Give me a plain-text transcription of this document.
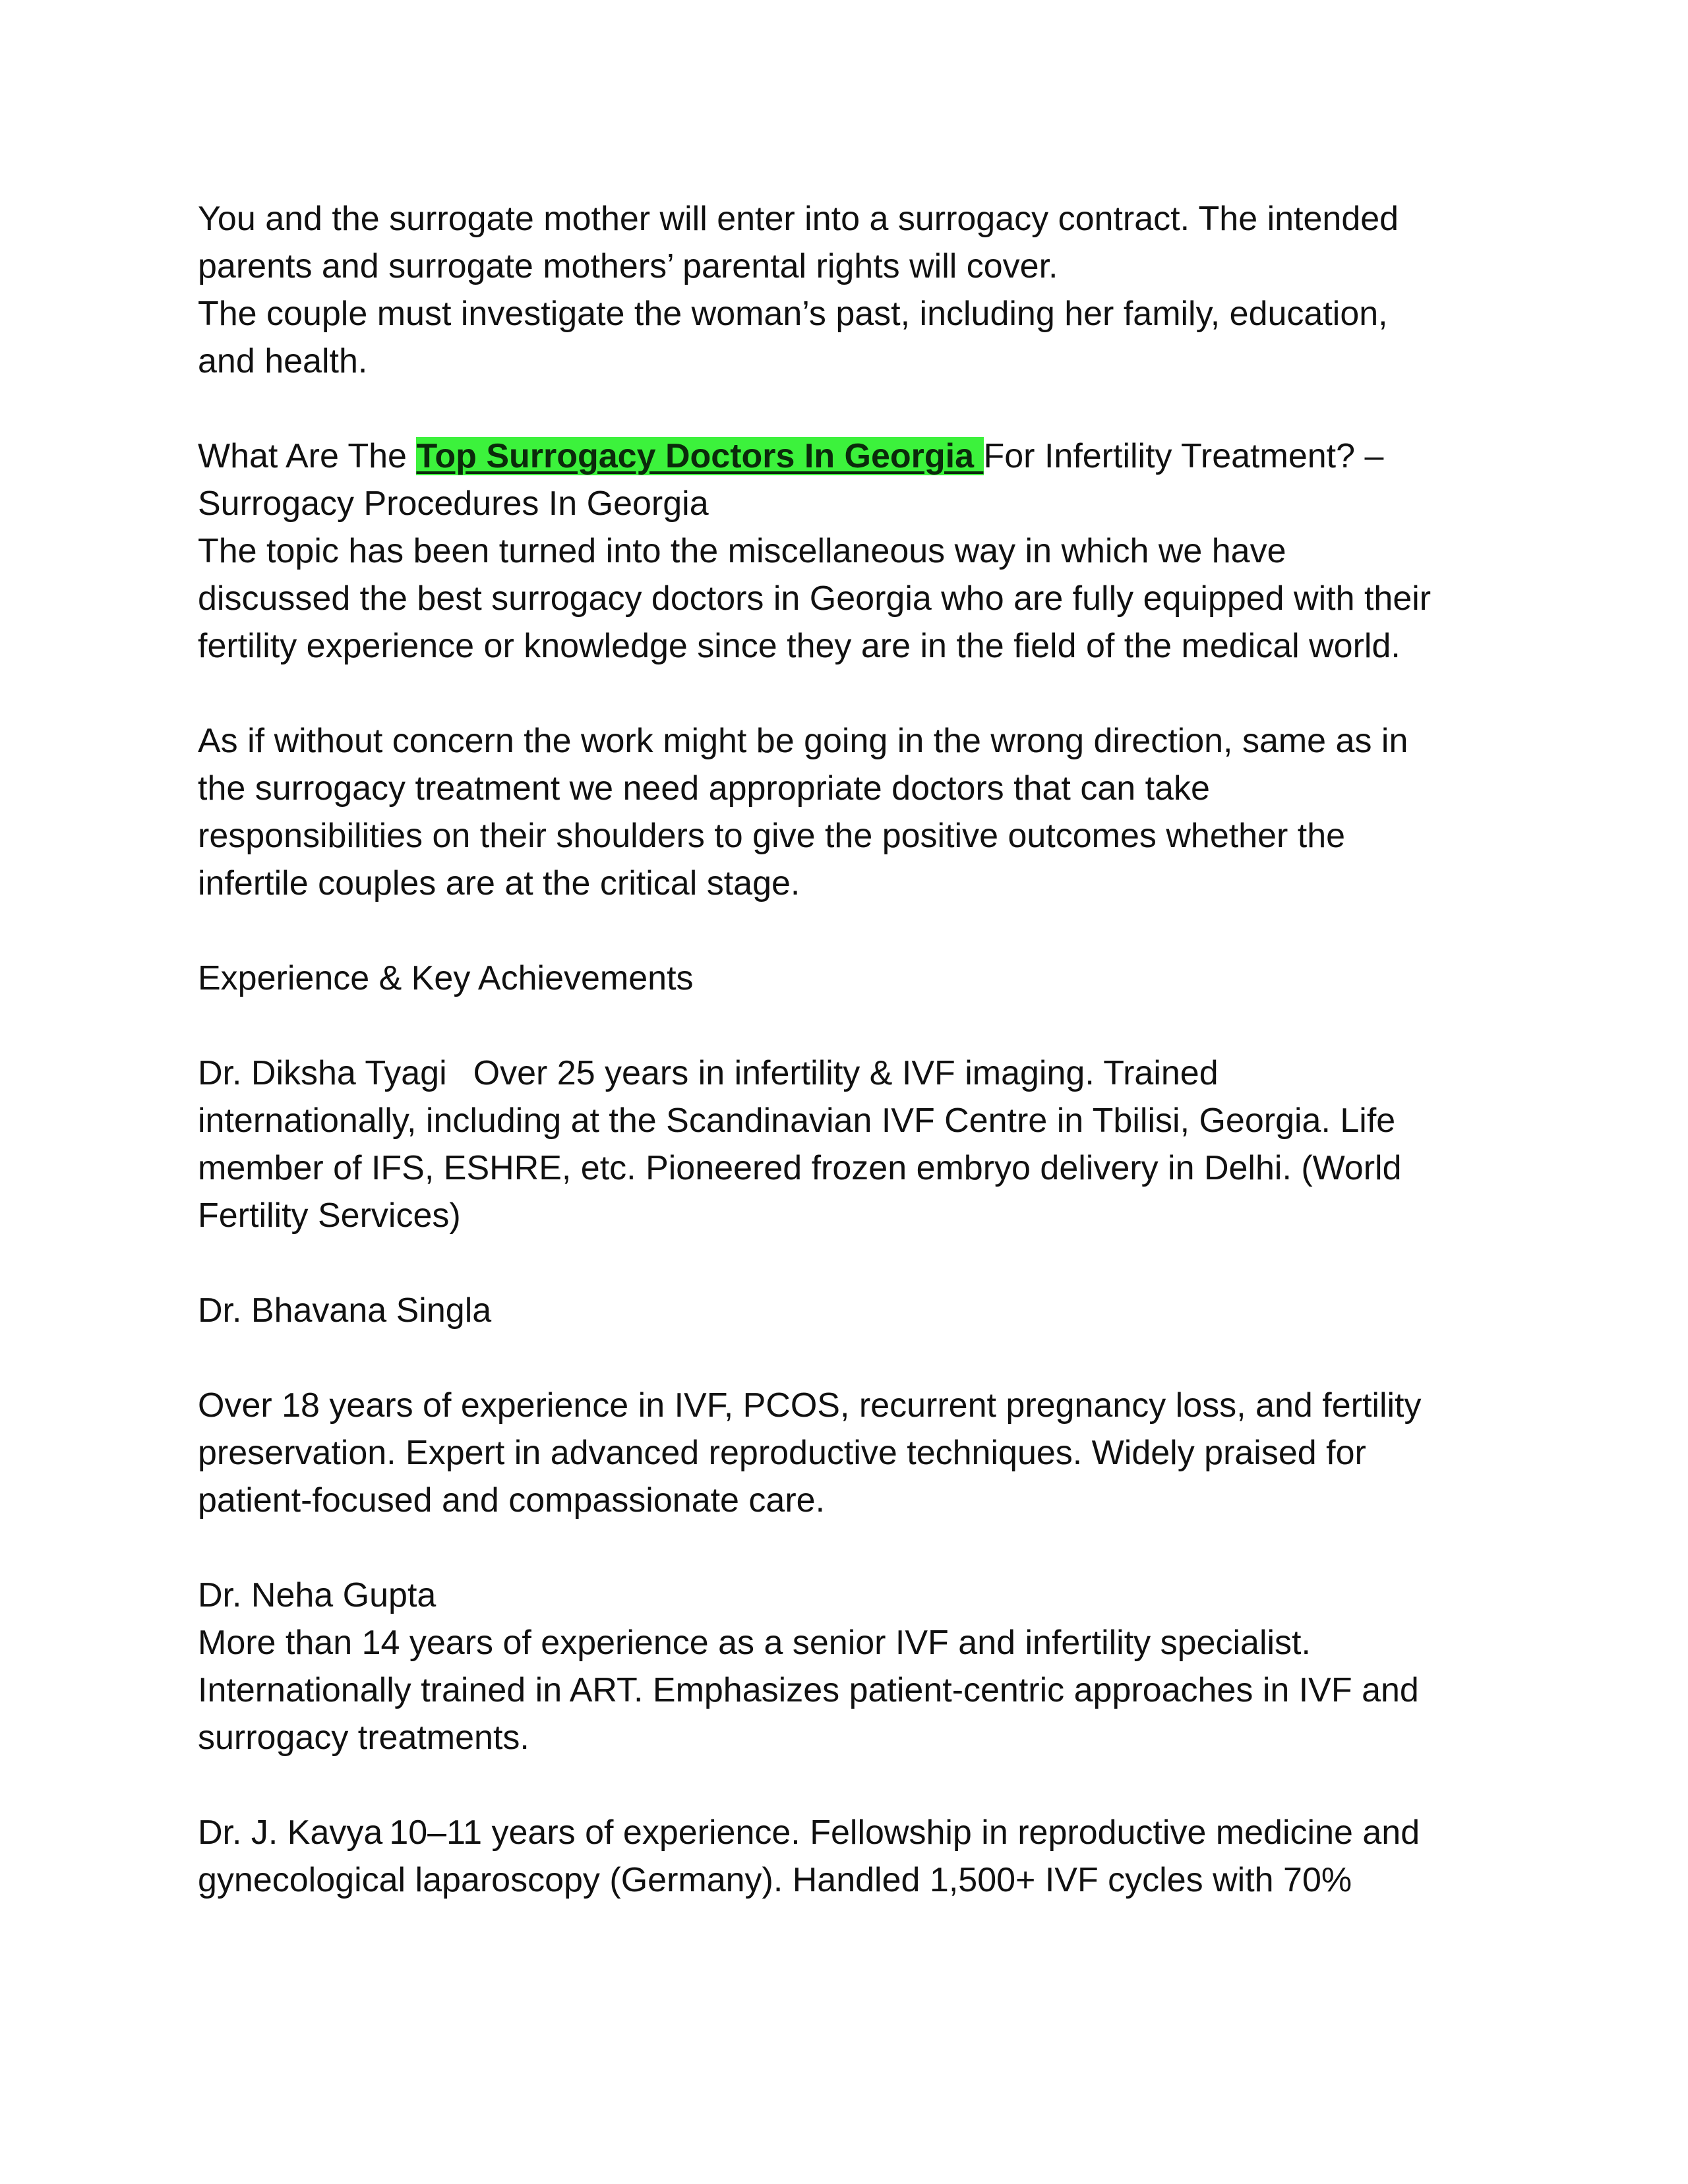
You and the surrogate mother will enter into a surrogacy contract. The intended
parents and surrogate mothers’ parental rights will cover.

The couple must investigate the woman’s past, including her family, education,
and health.

What Are The Top Surrogacy Doctors In Georgia For Infertility Treatment? –
Surrogacy Procedures In Georgia

The topic has been turned into the miscellaneous way in which we have
discussed the best surrogacy doctors in Georgia who are fully equipped with their
fertility experience or knowledge since they are in the field of the medical world.

As if without concern the work might be going in the wrong direction, same as in
the surrogacy treatment we need appropriate doctors that can take
responsibilities on their shoulders to give the positive outcomes whether the
infertile couples are at the critical stage.

Experience & Key Achievements

Dr. Diksha Tyagi Over 25 years in infertility & IVF imaging. Trained
internationally, including at the Scandinavian IVF Centre in Tbilisi, Georgia. Life
member of IFS, ESHRE, etc. Pioneered frozen embryo delivery in Delhi. (World
Fertility Services)

Dr. Bhavana Singla

Over 18 years of experience in IVF, PCOS, recurrent pregnancy loss, and fertility
preservation. Expert in advanced reproductive techniques. Widely praised for
patient-focused and compassionate care.

Dr. Neha Gupta
More than 14 years of experience as a senior IVF and infertility specialist.
Internationally trained in ART. Emphasizes patient-centric approaches in IVF and
surrogacy treatments.

Dr. J. Kavya 10–11 years of experience. Fellowship in reproductive medicine and
gynecological laparoscopy (Germany). Handled 1,500+ IVF cycles with 70%
